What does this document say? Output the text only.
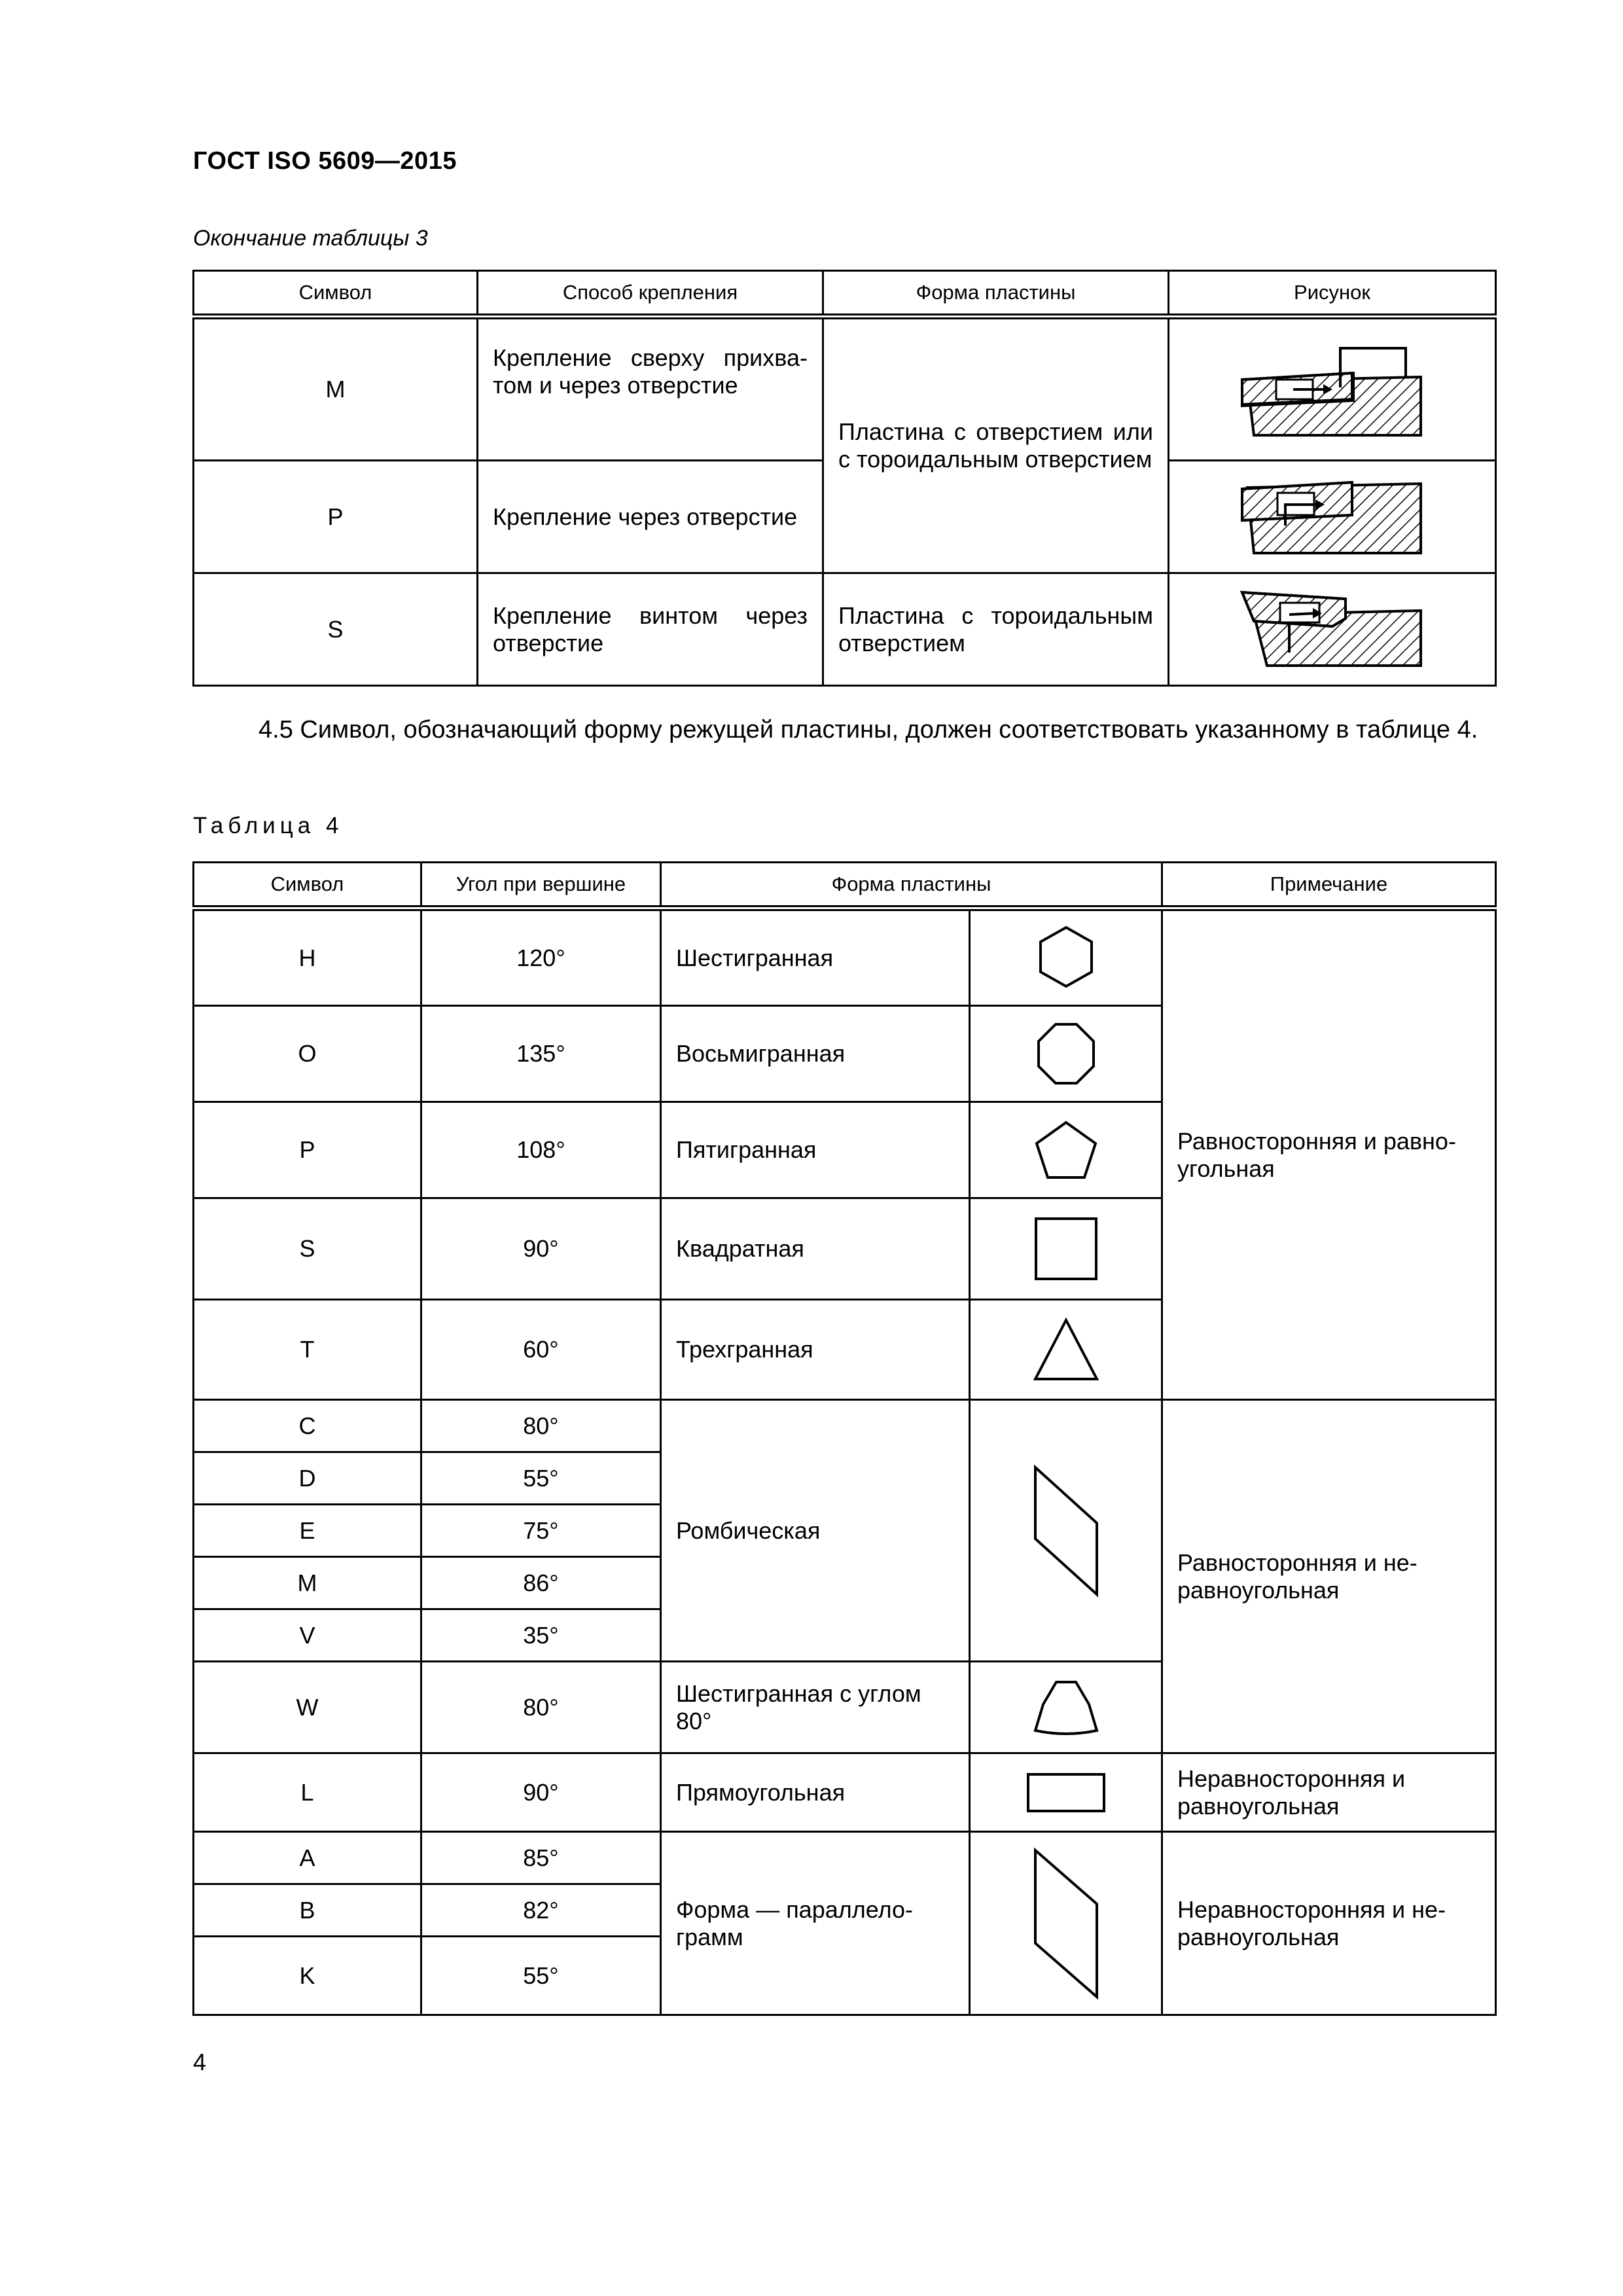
ГОСТ ISO 5609—2015
Окончание таблицы 3
Символ	Способ крепления	Форма пластины	Рисунок
M	Крепление сверху прихва-том и через отверстие	Пластина с отверстием или с тороидальным отверстием	

P	Крепление через отверстие	

S	Крепление винтом через отверстие	Пластина с тороидальным отверстием	
4.5 Символ, обозначающий форму режущей пластины, должен соответствовать указанному в таблице 4.
Таблица 4
Символ	Угол при вершине	Форма пластины		Примечание
H	120°	Шестигранная		Равносторонняя и равно-угольная
O	135°	Восьмигранная	

P	108°	Пятигранная	

S	90°	Квадратная	

T	60°	Трехгранная	

C	80°	Ромбическая		Равносторонняя и не-равноугольная
D	55°			
E	75°			
M	86°			
V	35°			
W	80°	Шестигранная с углом 80°	

L	90°	Прямоугольная		Неравносторонняя и равноугольная
A	85°	Форма — параллело-грамм		Неравносторонняя и не-равноугольная
B	82°			
K	55°			
4
